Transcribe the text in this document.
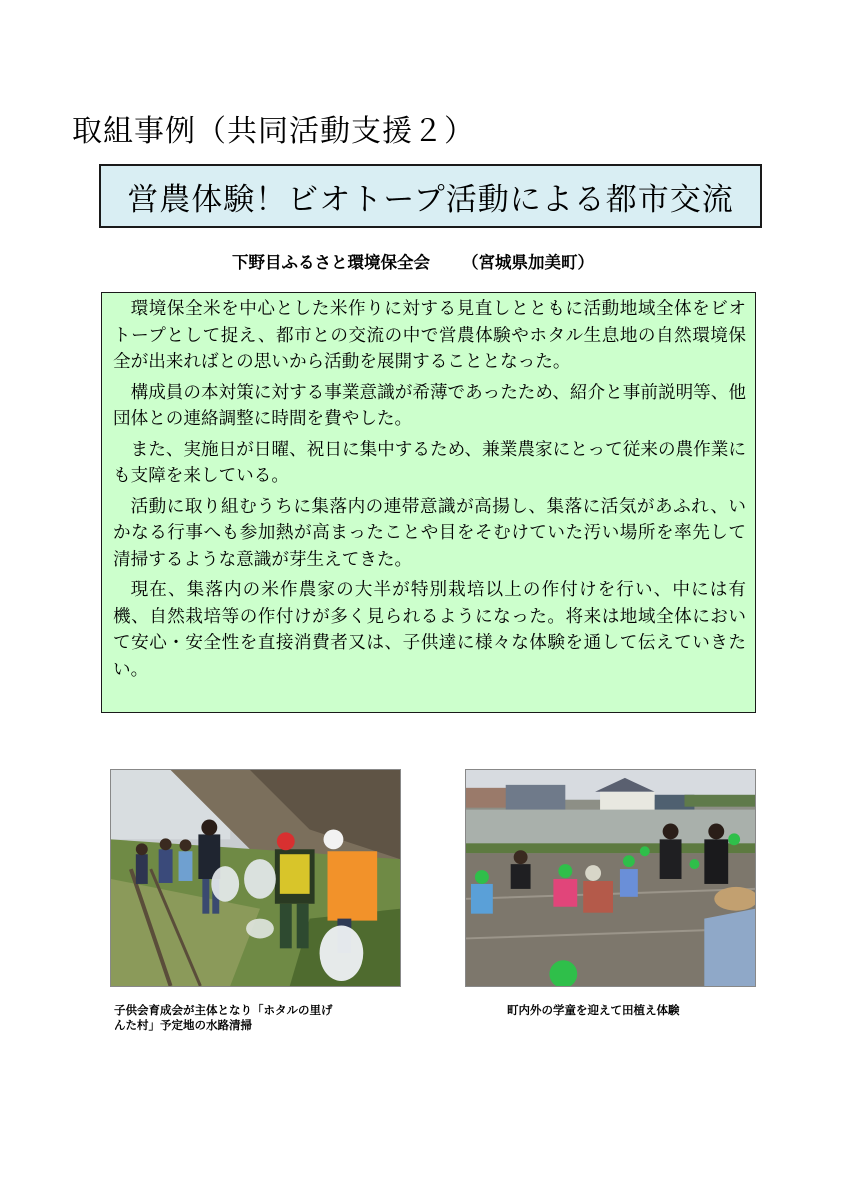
取組事例（共同活動支援２）
営農体験！ビオトープ活動による都市交流
下野目ふるさと環境保全会 （宮城県加美町）

環境保全米を中心とした米作りに対する見直しとともに活動地域全体をビオトープとして捉え、都市との交流の中で営農体験やホタル生息地の自然環境保全が出来ればとの思いから活動を展開することとなった。

構成員の本対策に対する事業意識が希薄であったため、紹介と事前説明等、他団体との連絡調整に時間を費やした。

また、実施日が日曜、祝日に集中するため、兼業農家にとって従来の農作業にも支障を来している。

活動に取り組むうちに集落内の連帯意識が高揚し、集落に活気があふれ、いかなる行事へも参加熱が高まったことや目をそむけていた汚い場所を率先して清掃するような意識が芽生えてきた。

現在、集落内の米作農家の大半が特別栽培以上の作付けを行い、中には有機、自然栽培等の作付けが多く見られるようになった。将来は地域全体において安心・安全性を直接消費者又は、子供達に様々な体験を通して伝えていきたい。

子供会育成会が主体となり「ホタルの里げ
んた村」予定地の水路清掃
町内外の学童を迎えて田植え体験
